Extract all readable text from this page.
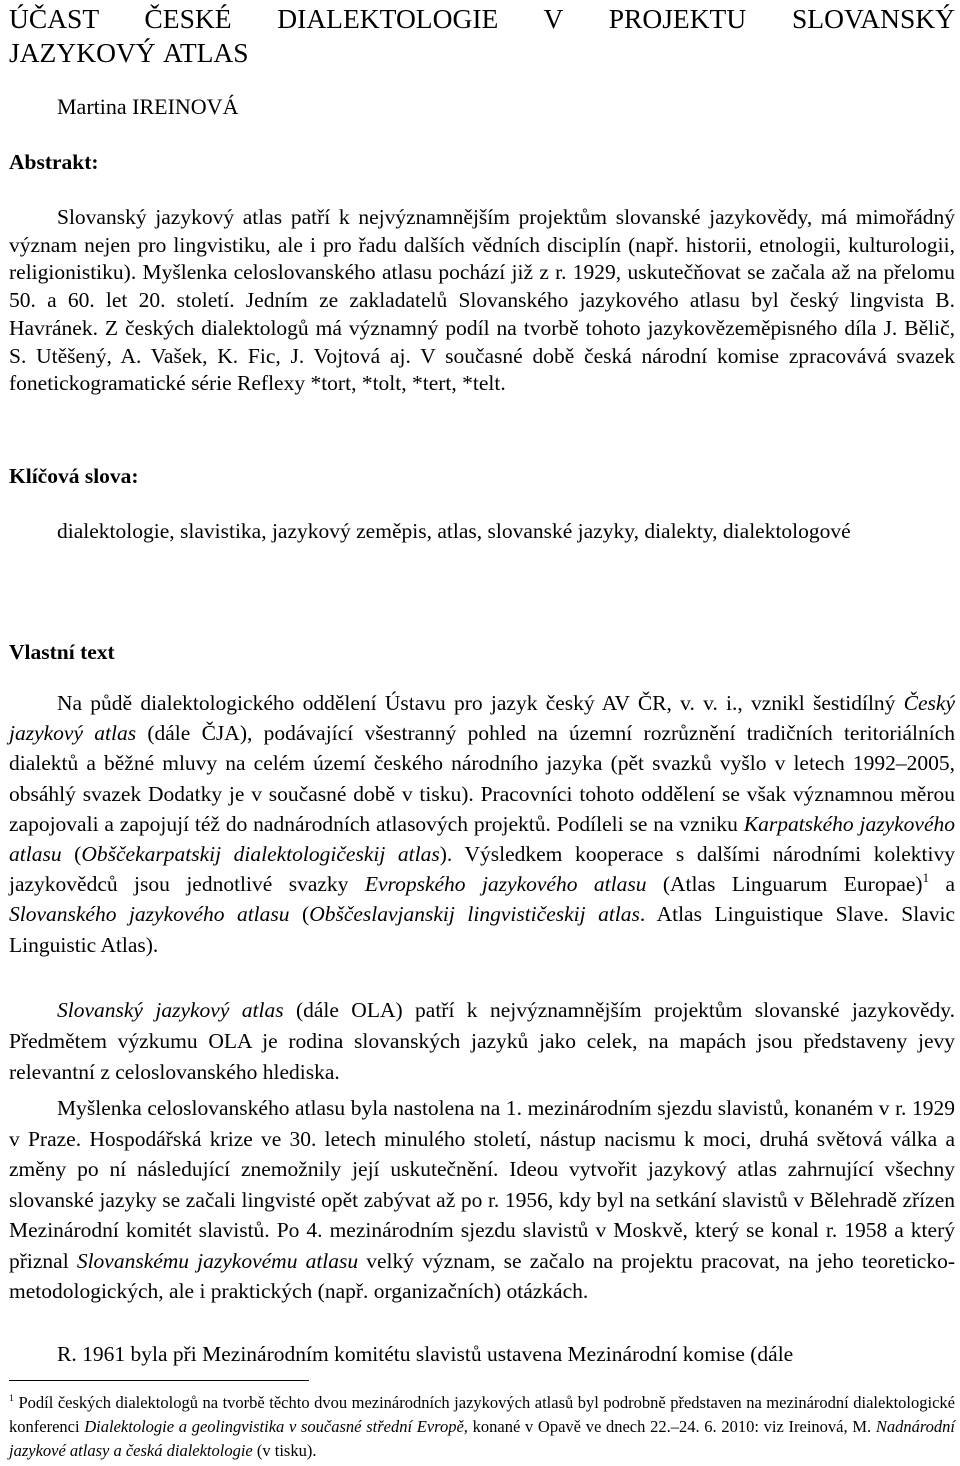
ÚČAST ČESKÉ DIALEKTOLOGIE V PROJEKTU SLOVANSKÝ
JAZYKOVÝ ATLAS
Martina IREINOVÁ
Abstrakt:

Slovanský jazykový atlas patří k nejvýznamnějším projektům slovanské jazykovědy, má mimořádný význam nejen pro lingvistiku, ale i pro řadu dalších vědních disciplín (např. historii, etnologii, kulturologii, religionistiku). Myšlenka celoslovanského atlasu pochází již z r. 1929, uskutečňovat se začala až na přelomu 50. a 60. let 20. století. Jedním ze zakladatelů Slovanského jazykového atlasu byl český lingvista B. Havránek. Z českých dialektologů má významný podíl na tvorbě tohoto jazykovězeměpisného díla J. Bělič, S. Utěšený, A. Vašek, K. Fic, J. Vojtová aj. V současné době česká národní komise zpracovává svazek fonetickogramatické série Reflexy *tort, *tolt, *tert, *telt.

Klíčová slova:

dialektologie, slavistika, jazykový zeměpis, atlas, slovanské jazyky, dialekty, dialektologové

Vlastní text

Na půdě dialektologického oddělení Ústavu pro jazyk český AV ČR, v. v. i., vznikl šestidílný Český jazykový atlas (dále ČJA), podávající všestranný pohled na územní rozrůznění tradičních teritoriálních dialektů a běžné mluvy na celém území českého národního jazyka (pět svazků vyšlo v letech 1992–2005, obsáhlý svazek Dodatky je v současné době v tisku). Pracovníci tohoto oddělení se však významnou měrou zapojovali a zapojují též do nadnárodních atlasových projektů. Podíleli se na vzniku Karpatského jazykového atlasu (Obščekarpatskij dialektologičeskij atlas). Výsledkem kooperace s dalšími národními kolektivy jazykovědců jsou jednotlivé svazky Evropského jazykového atlasu (Atlas Linguarum Europae)$^1$ a Slovanského jazykového atlasu (Obščeslavjanskij lingvističeskij atlas. Atlas Linguistique Slave. Slavic Linguistic Atlas).

Slovanský jazykový atlas (dále OLA) patří k nejvýznamnějším projektům slovanské jazykovědy. Předmětem výzkumu OLA je rodina slovanských jazyků jako celek, na mapách jsou představeny jevy relevantní z celoslovanského hlediska.

Myšlenka celoslovanského atlasu byla nastolena na 1. mezinárodním sjezdu slavistů, konaném v r. 1929 v Praze. Hospodářská krize ve 30. letech minulého století, nástup nacismu k moci, druhá světová válka a změny po ní následující znemožnily její uskutečnění. Ideou vytvořit jazykový atlas zahrnující všechny slovanské jazyky se začali lingvisté opět zabývat až po r. 1956, kdy byl na setkání slavistů v Bělehradě zřízen Mezinárodní komitét slavistů. Po 4. mezinárodním sjezdu slavistů v Moskvě, který se konal r. 1958 a který přiznal Slovanskému jazykovému atlasu velký význam, se začalo na projektu pracovat, na jeho teoreticko-metodologických, ale i praktických (např. organizačních) otázkách.

R. 1961 byla při Mezinárodním komitétu slavistů ustavena Mezinárodní komise (dále

$^1$ Podíl českých dialektologů na tvorbě těchto dvou mezinárodních jazykových atlasů byl podrobně představen na mezinárodní dialektologické konferenci Dialektologie a geolingvistika v současné střední Evropě, konané v Opavě ve dnech 22.–24. 6. 2010: viz Ireinová, M. Nadnárodní jazykové atlasy a česká dialektologie (v tisku).
